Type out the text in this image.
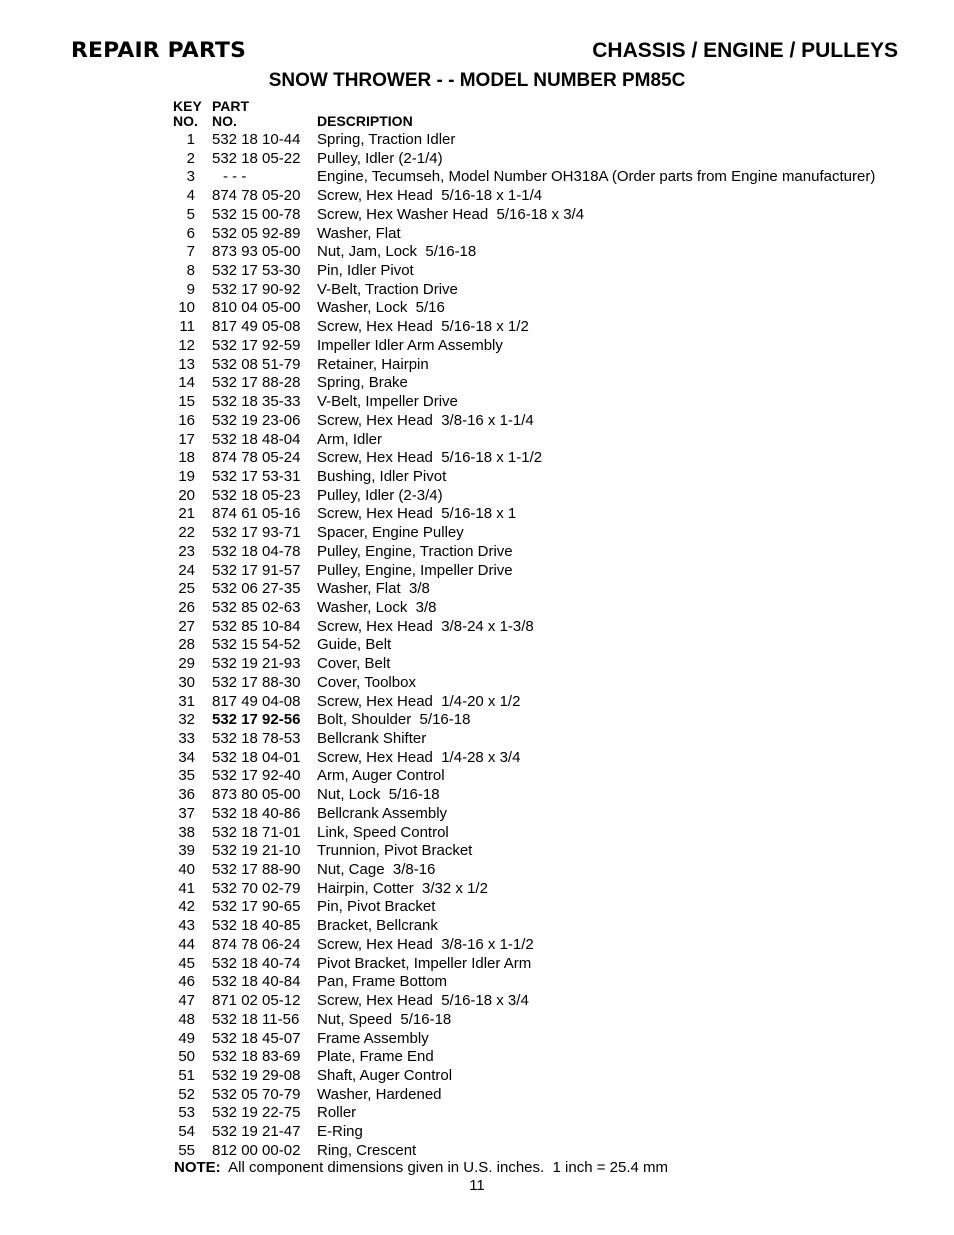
REPAIR PARTS	CHASSIS / ENGINE / PULLEYS
SNOW THROWER - - MODEL NUMBER PM85C
KEY
NO.
PART
NO.	DESCRIPTION
1 532 18 10-44 Spring, Traction Idler
2 532 18 05-22 Pulley, Idler (2-1/4)
3 - - -	Engine, Tecumseh, Model Number OH318A (Order parts from Engine manufacturer)
4 874 78 05-20 Screw, Hex Head  5/16-18 x 1-1/4
5 532 15 00-78 Screw, Hex Washer Head  5/16-18 x 3/4
6 532 05 92-89 Washer, Flat
7 873 93 05-00 Nut, Jam, Lock  5/16-18
8 532 17 53-30 Pin, Idler Pivot
9 532 17 90-92 V-Belt, Traction Drive
10 810 04 05-00 Washer, Lock  5/16
11 817 49 05-08 Screw, Hex Head  5/16-18 x 1/2
12 532 17 92-59 Impeller Idler Arm Assembly
13 532 08 51-79 Retainer, Hairpin
14 532 17 88-28 Spring, Brake
15 532 18 35-33 V-Belt, Impeller Drive
16 532 19 23-06 Screw, Hex Head  3/8-16 x 1-1/4
17 532 18 48-04 Arm, Idler
18 874 78 05-24 Screw, Hex Head  5/16-18 x 1-1/2
19 532 17 53-31 Bushing, Idler Pivot
20 532 18 05-23 Pulley, Idler (2-3/4)
21 874 61 05-16 Screw, Hex Head  5/16-18 x 1
22 532 17 93-71 Spacer, Engine Pulley
23 532 18 04-78 Pulley, Engine, Traction Drive
24 532 17 91-57 Pulley, Engine, Impeller Drive
25 532 06 27-35 Washer, Flat  3/8
26 532 85 02-63 Washer, Lock  3/8
27 532 85 10-84 Screw, Hex Head  3/8-24 x 1-3/8
28 532 15 54-52 Guide, Belt
29 532 19 21-93 Cover, Belt
30 532 17 88-30 Cover, Toolbox
31 817 49 04-08 Screw, Hex Head  1/4-20 x 1/2
32 532 17 92-56 Bolt, Shoulder  5/16-18
33 532 18 78-53 Bellcrank Shifter
34 532 18 04-01 Screw, Hex Head  1/4-28 x 3/4
35 532 17 92-40 Arm, Auger Control
36 873 80 05-00 Nut, Lock  5/16-18
37 532 18 40-86 Bellcrank Assembly
38 532 18 71-01 Link, Speed Control
39 532 19 21-10 Trunnion, Pivot Bracket
40 532 17 88-90 Nut, Cage  3/8-16
41 532 70 02-79 Hairpin, Cotter  3/32 x 1/2
42 532 17 90-65 Pin, Pivot Bracket
43 532 18 40-85 Bracket, Bellcrank
44 874 78 06-24 Screw, Hex Head  3/8-16 x 1-1/2
45 532 18 40-74 Pivot Bracket, Impeller Idler Arm
46 532 18 40-84 Pan, Frame Bottom
47 871 02 05-12 Screw, Hex Head  5/16-18 x 3/4
48 532 18 11-56 Nut, Speed  5/16-18
49 532 18 45-07 Frame Assembly
50 532 18 83-69 Plate, Frame End
51 532 19 29-08 Shaft, Auger Control
52 532 05 70-79 Washer, Hardened
53 532 19 22-75 Roller
54 532 19 21-47 E-Ring
55 812 00 00-02 Ring, Crescent
NOTE:  All component dimensions given in U.S. inches.  1 inch = 25.4 mm
11
